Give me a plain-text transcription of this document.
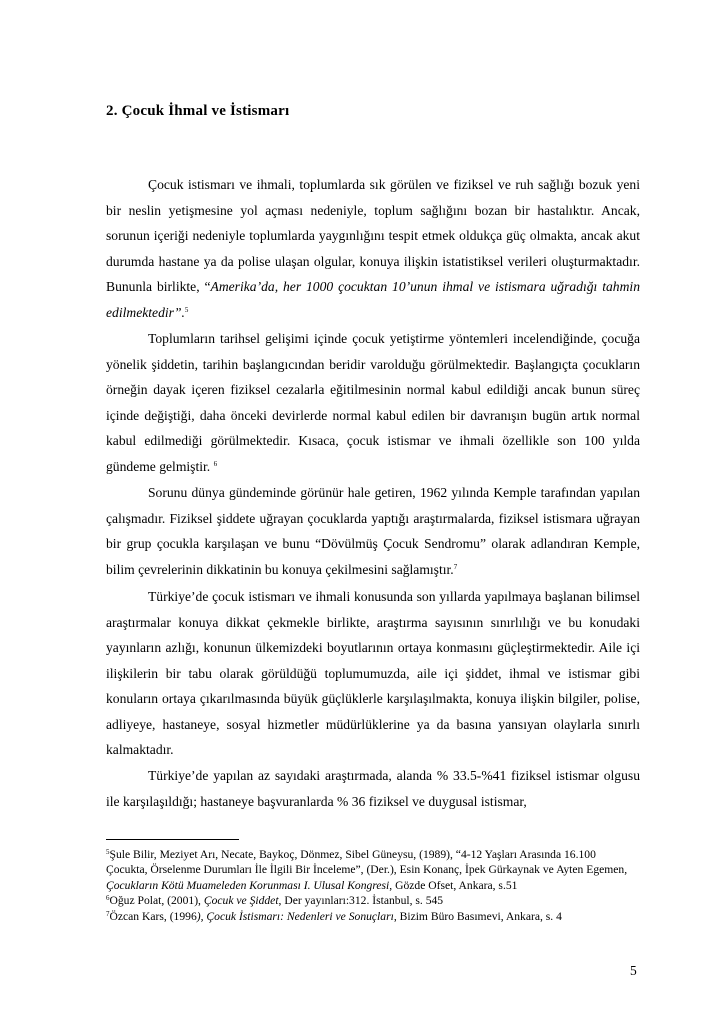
2. Çocuk İhmal ve İstismarı

Çocuk istismarı ve ihmali, toplumlarda sık görülen ve fiziksel ve ruh sağlığı bozuk yeni bir neslin yetişmesine yol açması nedeniyle, toplum sağlığını bozan bir hastalıktır. Ancak, sorunun içeriği nedeniyle toplumlarda yaygınlığını tespit etmek oldukça güç olmakta, ancak akut durumda hastane ya da polise ulaşan olgular, konuya ilişkin istatistiksel verileri oluşturmaktadır. Bununla birlikte, “Amerika’da, her 1000 çocuktan 10’unun ihmal ve istismara uğradığı tahmin edilmektedir”.$^5$

Toplumların tarihsel gelişimi içinde çocuk yetiştirme yöntemleri incelendiğinde, çocuğa yönelik şiddetin, tarihin başlangıcından beridir varolduğu görülmektedir. Başlangıçta çocukların örneğin dayak içeren fiziksel cezalarla eğitilmesinin normal kabul edildiği ancak bunun süreç içinde değiştiği, daha önceki devirlerde normal kabul edilen bir davranışın bugün artık normal kabul edilmediği görülmektedir. Kısaca, çocuk istismar ve ihmali özellikle son 100 yılda gündeme gelmiştir. $^6$

Sorunu dünya gündeminde görünür hale getiren, 1962 yılında Kemple tarafından yapılan çalışmadır. Fiziksel şiddete uğrayan çocuklarda yaptığı araştırmalarda, fiziksel istismara uğrayan bir grup çocukla karşılaşan ve bunu “Dövülmüş Çocuk Sendromu” olarak adlandıran Kemple, bilim çevrelerinin dikkatinin bu konuya çekilmesini sağlamıştır.$^7$

Türkiye’de çocuk istismarı ve ihmali konusunda son yıllarda yapılmaya başlanan bilimsel araştırmalar konuya dikkat çekmekle birlikte, araştırma sayısının sınırlılığı ve bu konudaki yayınların azlığı, konunun ülkemizdeki boyutlarının ortaya konmasını güçleştirmektedir. Aile içi ilişkilerin bir tabu olarak görüldüğü toplumumuzda, aile içi şiddet, ihmal ve istismar gibi konuların ortaya çıkarılmasında büyük güçlüklerle karşılaşılmakta, konuya ilişkin bilgiler, polise, adliyeye, hastaneye, sosyal hizmetler müdürlüklerine ya da basına yansıyan olaylarla sınırlı kalmaktadır.

Türkiye’de yapılan az sayıdaki araştırmada, alanda % 33.5-%41 fiziksel istismar olgusu ile karşılaşıldığı; hastaneye başvuranlarda % 36 fiziksel ve duygusal istismar,

$^5$Şule Bilir, Meziyet Arı, Necate, Baykoç, Dönmez, Sibel Güneysu, (1989), “4-12 Yaşları Arasında 16.100 Çocukta, Örselenme Durumları İle İlgili Bir İnceleme”, (Der.), Esin Konanç, İpek Gürkaynak ve Ayten Egemen, Çocukların Kötü Muameleden Korunması I. Ulusal Kongresi, Gözde Ofset, Ankara, s.51

$^6$Oğuz Polat, (2001), Çocuk ve Şiddet, Der yayınları:312. İstanbul, s. 545

$^7$Özcan Kars, (1996), Çocuk İstismarı: Nedenleri ve Sonuçları, Bizim Büro Basımevi, Ankara, s. 4

5
